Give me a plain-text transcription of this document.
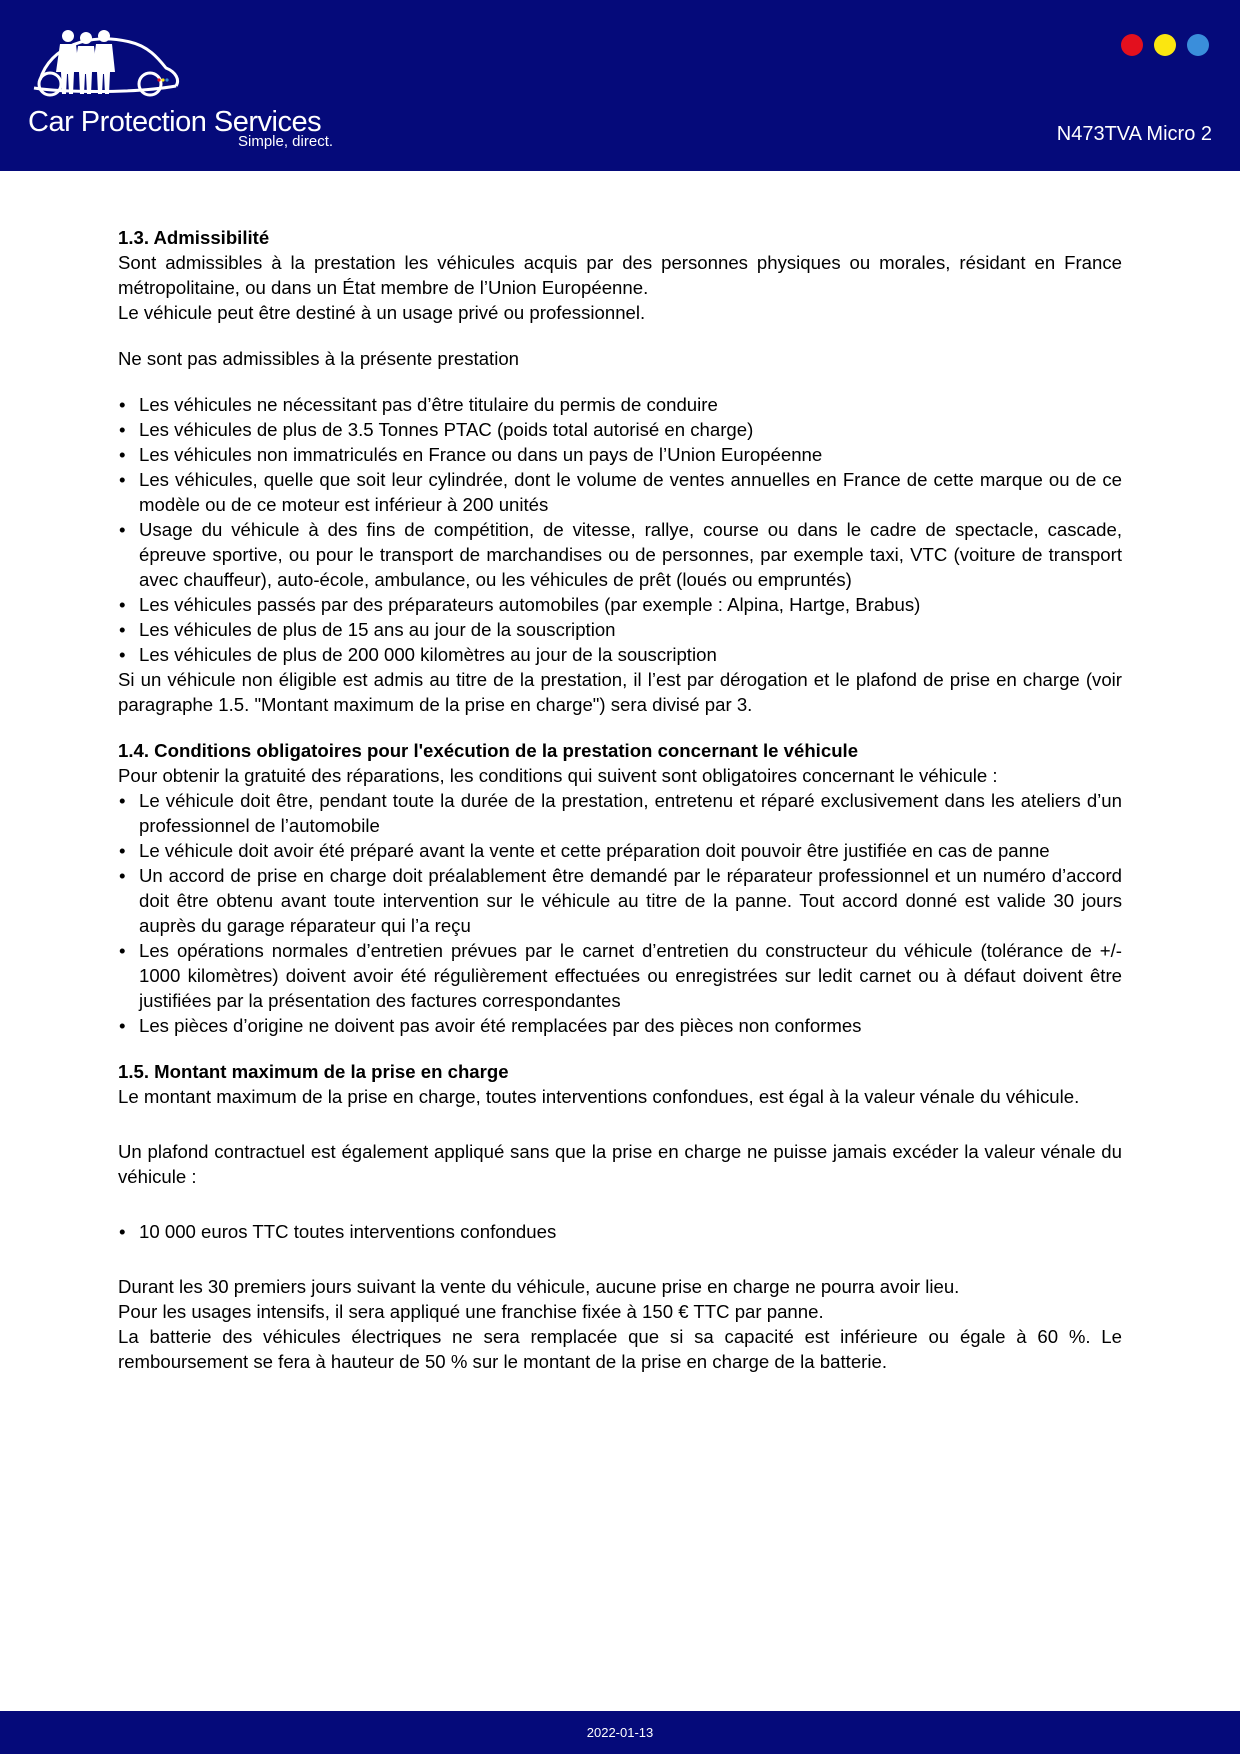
Car Protection Services
Simple, direct.	N473TVA Micro 2
1.3. Admissibilité

Sont admissibles à la prestation les véhicules acquis par des personnes physiques ou morales, résidant en France métropolitaine, ou dans un État membre de l’Union Européenne.

Le véhicule peut être destiné à un usage privé ou professionnel.

Ne sont pas admissibles à la présente prestation

• Les véhicules ne nécessitant pas d’être titulaire du permis de conduire
• Les véhicules de plus de 3.5 Tonnes PTAC (poids total autorisé en charge)
• Les véhicules non immatriculés en France ou dans un pays de l’Union Européenne
• Les véhicules, quelle que soit leur cylindrée, dont le volume de ventes annuelles en France de cette marque ou de ce modèle ou de ce moteur est inférieur à 200 unités
• Usage du véhicule à des fins de compétition, de vitesse, rallye, course ou dans le cadre de spectacle, cascade, épreuve sportive, ou pour le transport de marchandises ou de personnes, par exemple taxi, VTC (voiture de transport avec chauffeur), auto-école, ambulance, ou les véhicules de prêt (loués ou empruntés)
• Les véhicules passés par des préparateurs automobiles (par exemple : Alpina, Hartge, Brabus)
• Les véhicules de plus de 15 ans au jour de la souscription
• Les véhicules de plus de 200 000 kilomètres au jour de la souscription

Si un véhicule non éligible est admis au titre de la prestation, il l’est par dérogation et le plafond de prise en charge (voir paragraphe 1.5. "Montant maximum de la prise en charge") sera divisé par 3.

1.4. Conditions obligatoires pour l'exécution de la prestation concernant le véhicule

Pour obtenir la gratuité des réparations, les conditions qui suivent sont obligatoires concernant le véhicule :

• Le véhicule doit être, pendant toute la durée de la prestation, entretenu et réparé exclusivement dans les ateliers d’un professionnel de l’automobile
• Le véhicule doit avoir été préparé avant la vente et cette préparation doit pouvoir être justifiée en cas de panne
• Un accord de prise en charge doit préalablement être demandé par le réparateur professionnel et un numéro d’accord doit être obtenu avant toute intervention sur le véhicule au titre de la panne. Tout accord donné est valide 30 jours auprès du garage réparateur qui l’a reçu
• Les opérations normales d’entretien prévues par le carnet d’entretien du constructeur du véhicule (tolérance de +/- 1000 kilomètres) doivent avoir été régulièrement effectuées ou enregistrées sur ledit carnet ou à défaut doivent être justifiées par la présentation des factures correspondantes
• Les pièces d’origine ne doivent pas avoir été remplacées par des pièces non conformes
1.5. Montant maximum de la prise en charge

Le montant maximum de la prise en charge, toutes interventions confondues, est égal à la valeur vénale du véhicule.

Un plafond contractuel est également appliqué sans que la prise en charge ne puisse jamais excéder la valeur vénale du véhicule :

• 10 000 euros TTC toutes interventions confondues

Durant les 30 premiers jours suivant la vente du véhicule, aucune prise en charge ne pourra avoir lieu.

Pour les usages intensifs, il sera appliqué une franchise fixée à 150 € TTC par panne.

La batterie des véhicules électriques ne sera remplacée que si sa capacité est inférieure ou égale à 60 %. Le remboursement se fera à hauteur de 50 % sur le montant de la prise en charge de la batterie.

2022-01-13
